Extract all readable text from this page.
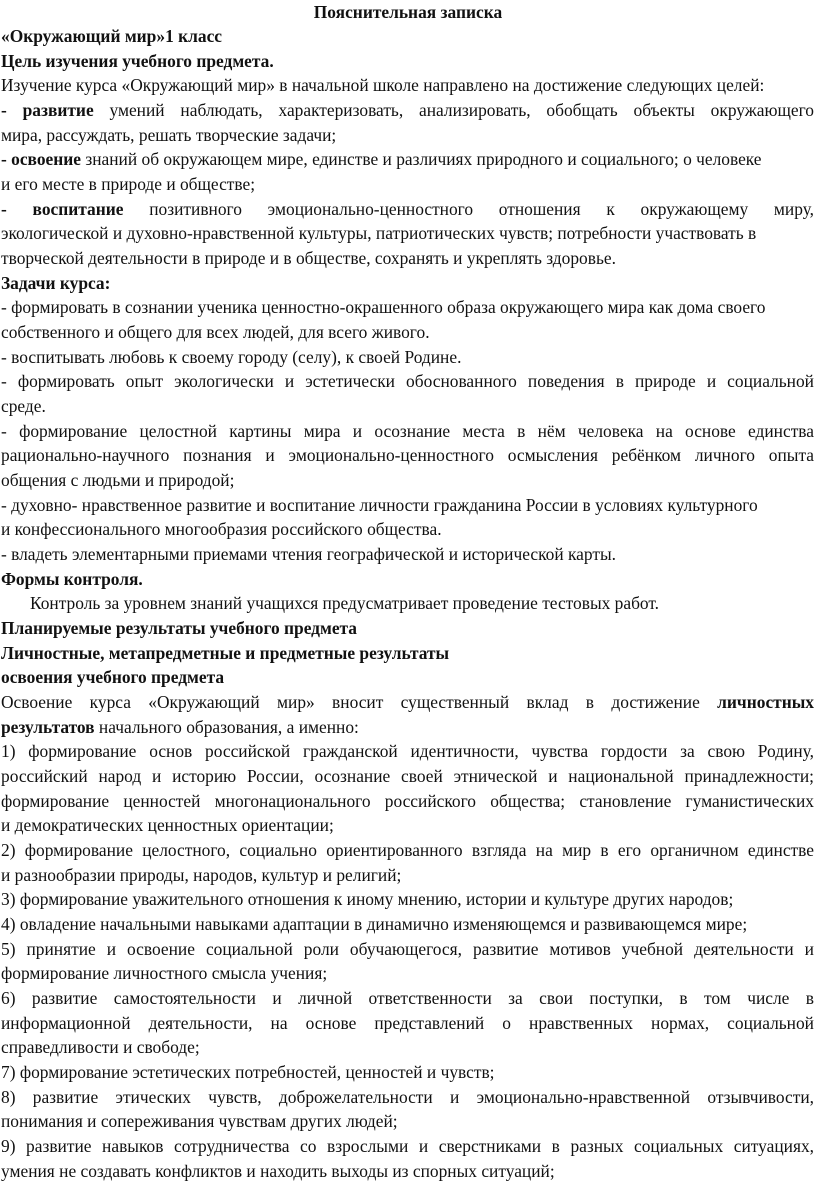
Пояснительная записка
«Окружающий мир»1 класс
Цель изучения учебного предмета.
Изучение курса «Окружающий мир» в начальной школе направлено на достижение следующих целей:
- развитие умений наблюдать, характеризовать, анализировать, обобщать объекты окружающего
мира, рассуждать, решать творческие задачи;
- освоение знаний об окружающем мире, единстве и различиях природного и социального; о человеке
и его месте в природе и обществе;
- воспитание позитивного эмоционально-ценностного отношения к окружающему миру,
экологической и духовно-нравственной культуры, патриотических чувств; потребности участвовать в
творческой деятельности в природе и в обществе, сохранять и укреплять здоровье.
Задачи курса:
- формировать в сознании ученика ценностно-окрашенного образа окружающего мира как дома своего
собственного и общего для всех людей, для всего живого.
- воспитывать любовь к своему городу (селу), к своей Родине.
- формировать опыт экологически и эстетически обоснованного поведения в природе и социальной
среде.
- формирование целостной картины мира и осознание места в нём человека на основе единства
рационально-научного познания и эмоционально-ценностного осмысления ребёнком личного опыта
общения с людьми и природой;
- духовно- нравственное развитие и воспитание личности гражданина России в условиях культурного
и конфессионального многообразия российского общества.
- владеть элементарными приемами чтения географической и исторической карты.
Формы контроля.
Контроль за уровнем знаний учащихся предусматривает проведение тестовых работ.
Планируемые результаты учебного предмета
Личностные, метапредметные и предметные результаты
освоения учебного предмета
Освоение курса «Окружающий мир» вносит существенный вклад в достижение личностных
результатов начального образования, а именно:
1) формирование основ российской гражданской идентичности, чувства гордости за свою Родину,
российский народ и историю России, осознание своей этнической и национальной принадлежности;
формирование ценностей многонационального российского общества; становление гуманистических
и демократических ценностных ориентации;
2) формирование целостного, социально ориентированного взгляда на мир в его органичном единстве
и разнообразии природы, народов, культур и религий;
3) формирование уважительного отношения к иному мнению, истории и культуре других народов;
4) овладение начальными навыками адаптации в динамично изменяющемся и развивающемся мире;
5) принятие и освоение социальной роли обучающегося, развитие мотивов учебной деятельности и
формирование личностного смысла учения;
6) развитие самостоятельности и личной ответственности за свои поступки, в том числе в
информационной деятельности, на основе представлений о нравственных нормах, социальной
справедливости и свободе;
7) формирование эстетических потребностей, ценностей и чувств;
8) развитие этических чувств, доброжелательности и эмоционально-нравственной отзывчивости,
понимания и сопереживания чувствам других людей;
9) развитие навыков сотрудничества со взрослыми и сверстниками в разных социальных ситуациях,
умения не создавать конфликтов и находить выходы из спорных ситуаций;
